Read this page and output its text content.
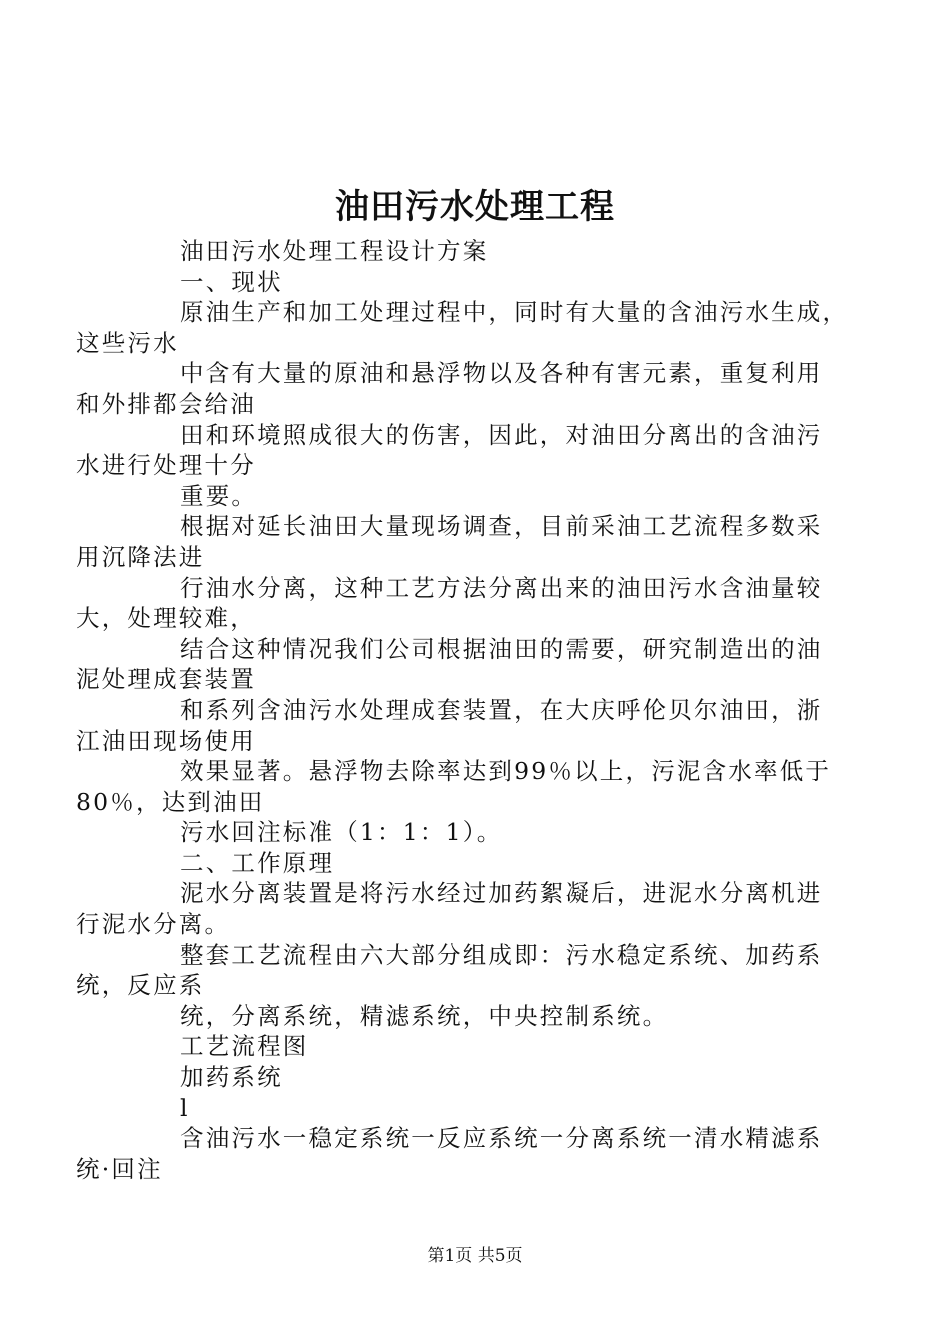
油田污水处理工程
油田污水处理工程设计方案
一、现状
原油生产和加工处理过程中，同时有大量的含油污水生成，
这些污水
中含有大量的原油和悬浮物以及各种有害元素，重复利用
和外排都会给油
田和环境照成很大的伤害，因此，对油田分离出的含油污
水进行处理十分
重要。
根据对延长油田大量现场调查，目前采油工艺流程多数采
用沉降法进
行油水分离，这种工艺方法分离出来的油田污水含油量较
大，处理较难，
结合这种情况我们公司根据油田的需要，研究制造出的油
泥处理成套装置
和系列含油污水处理成套装置，在大庆呼伦贝尔油田，浙
江油田现场使用
效果显著。悬浮物去除率达到99％以上，污泥含水率低于
80％，达到油田
污水回注标准（1：1：1）。
二、工作原理
泥水分离装置是将污水经过加药絮凝后，进泥水分离机进
行泥水分离。
整套工艺流程由六大部分组成即：污水稳定系统、加药系
统，反应系
统，分离系统，精滤系统，中央控制系统。
工艺流程图
加药系统
l
含油污水一稳定系统一反应系统一分离系统一清水精滤系
统·回注
第1页 共5页
